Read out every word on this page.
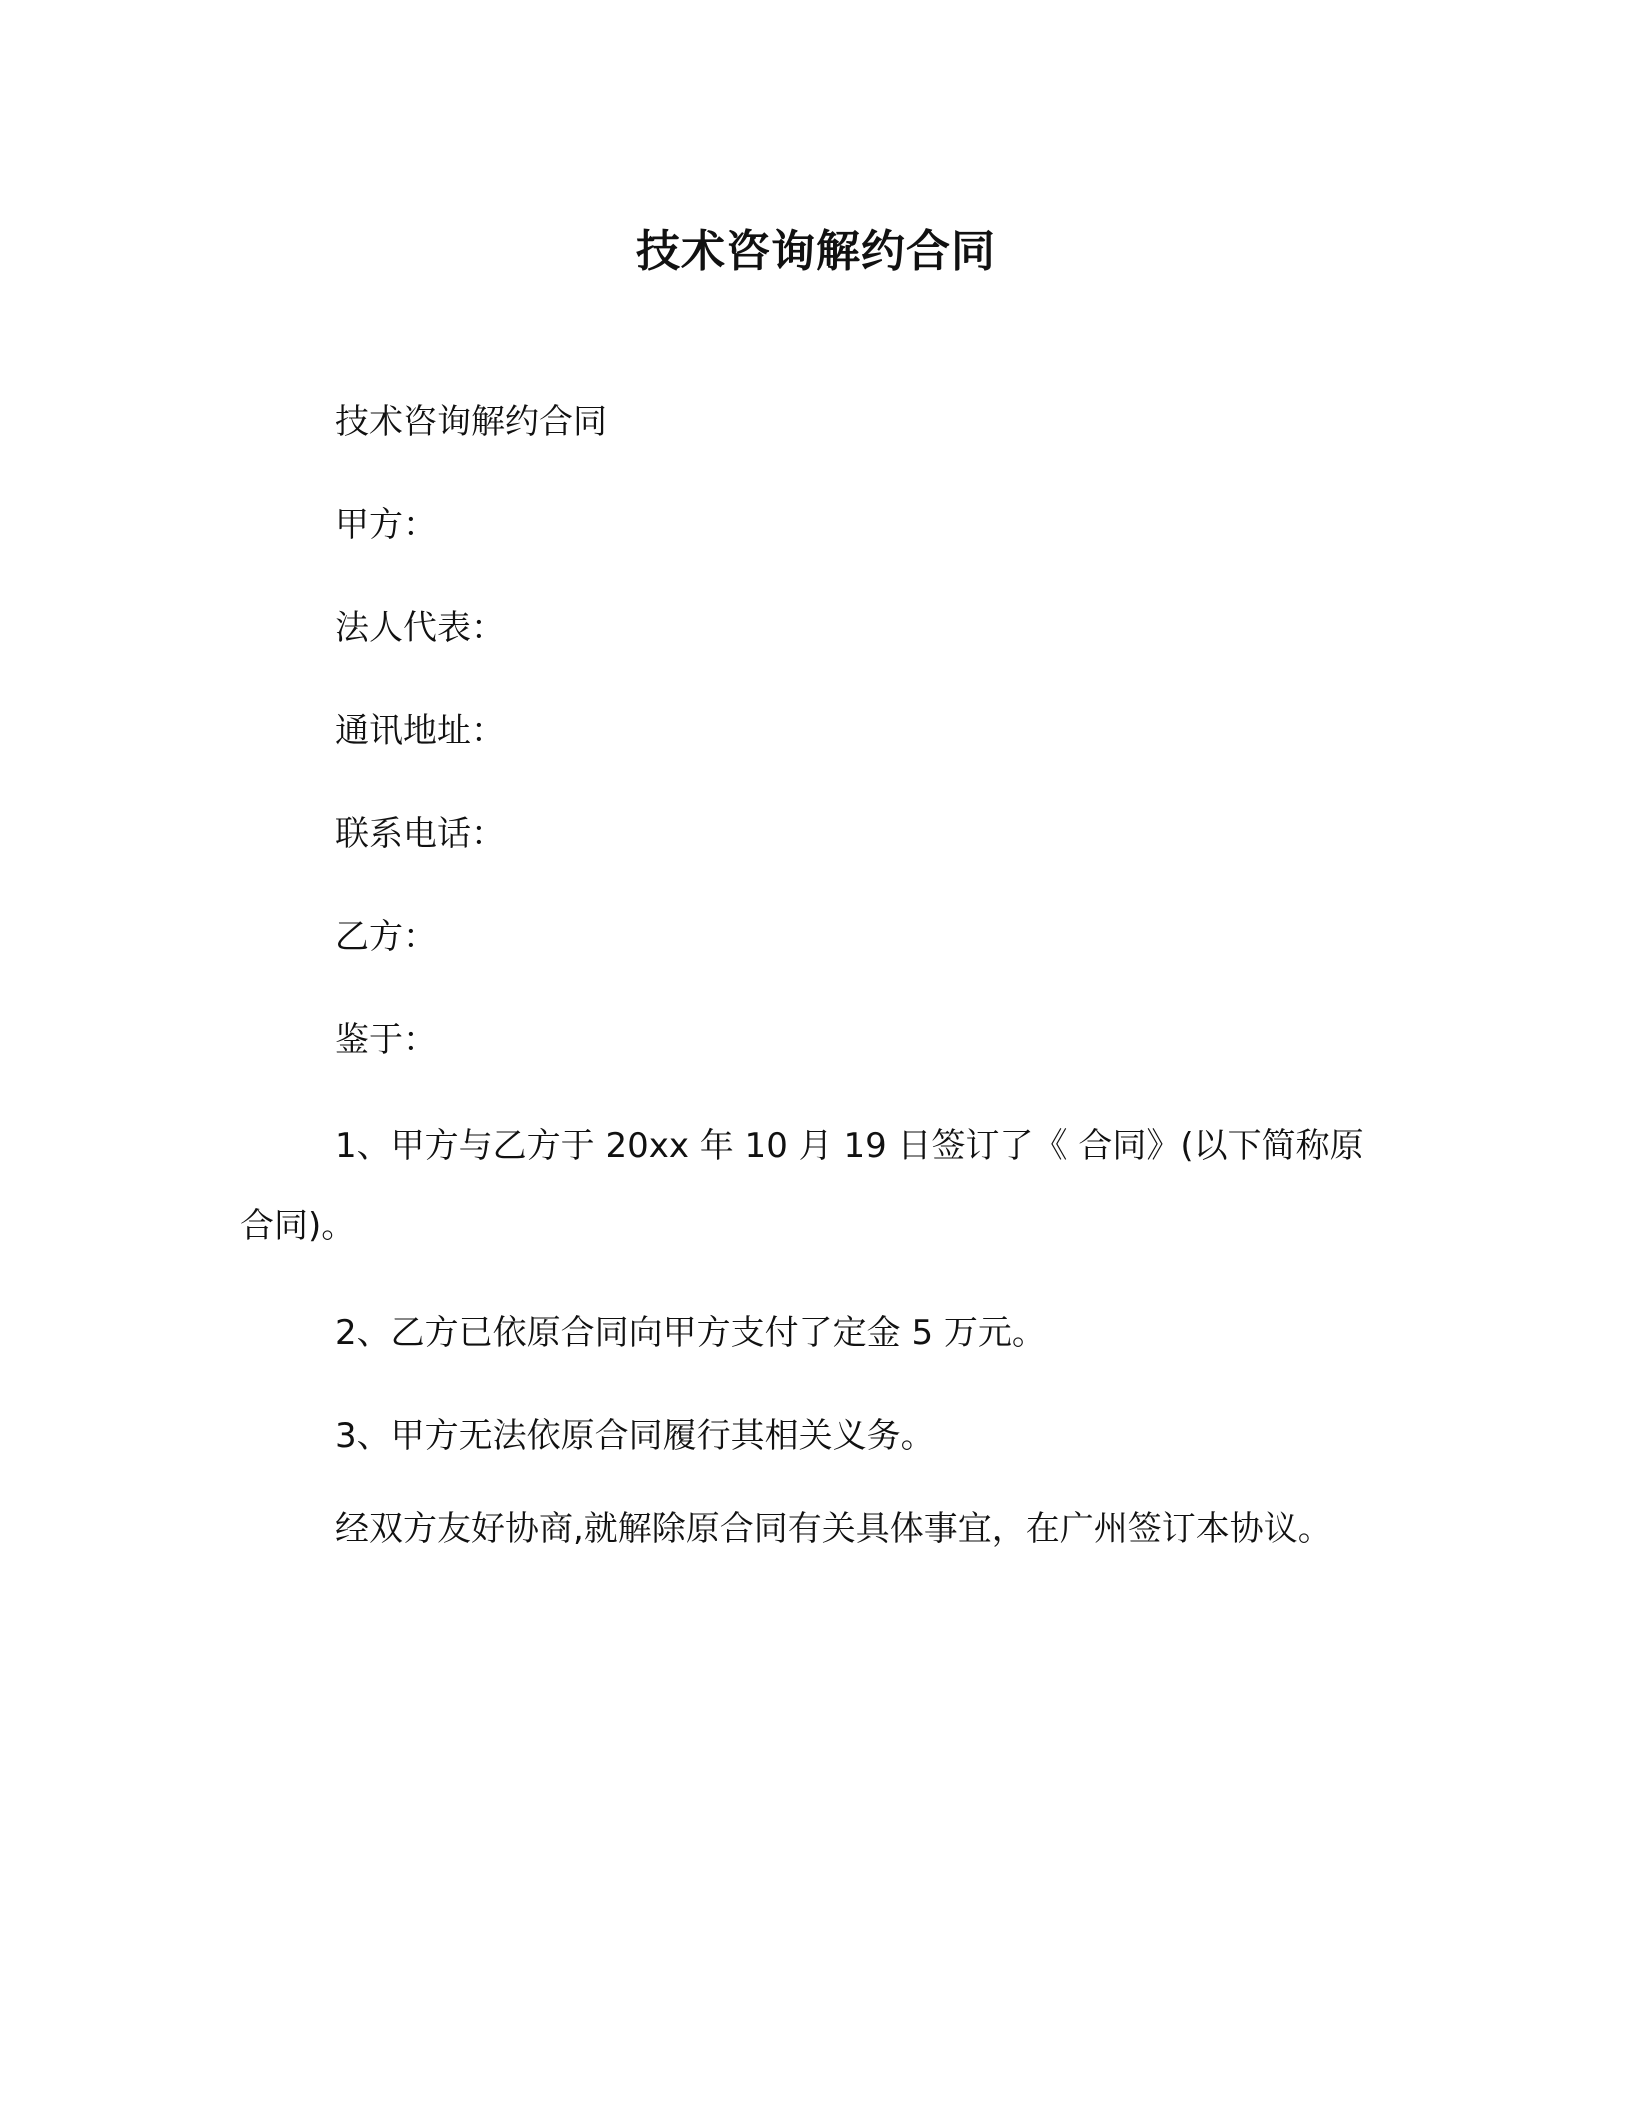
技术咨询解约合同
技术咨询解约合同
甲方：
法人代表：
通讯地址：
联系电话：
乙方：
鉴于：
1、甲方与乙方于 20xx 年 10 月 19 日签订了《 合同》(以下简称原合同)。
2、乙方已依原合同向甲方支付了定金 5 万元。
3、甲方无法依原合同履行其相关义务。
经双方友好协商,就解除原合同有关具体事宜，在广州签订本协议。
